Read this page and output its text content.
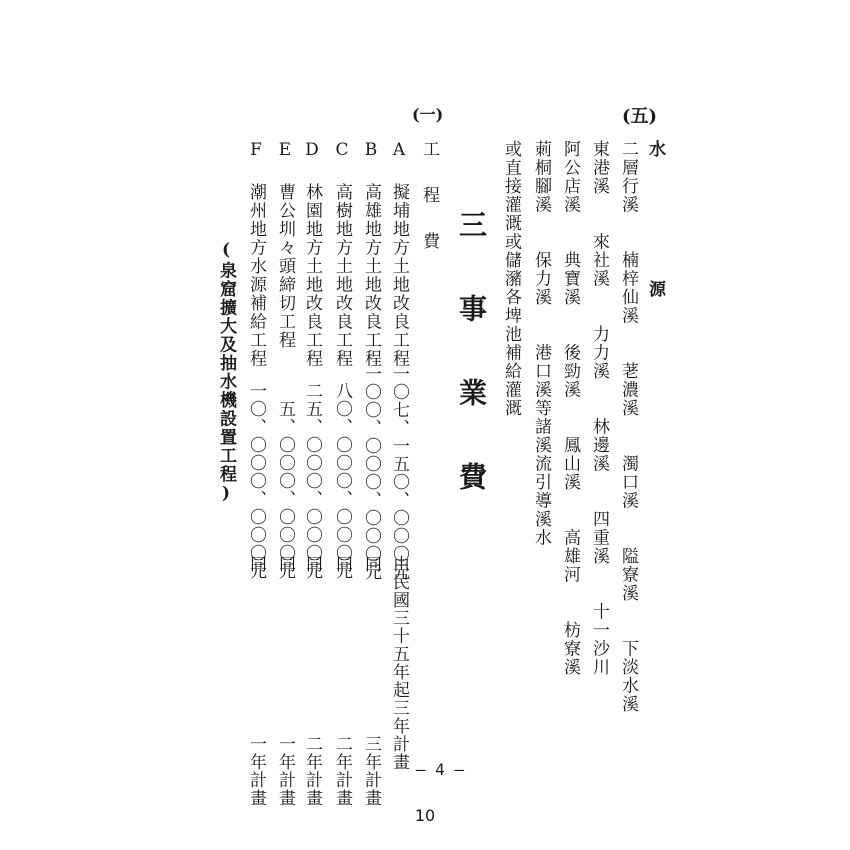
(五)
水　　　源
二層行溪　　楠梓仙溪　　荖濃溪　　濁口溪　　隘寮溪　　下淡水溪
東港溪　　來社溪　　力力溪　　林邊溪　　四重溪　　十一沙川
阿公店溪　　典寶溪　　後勁溪　　鳳山溪　　高雄河　　枋寮溪
莿桐腳溪　　保力溪　　港口溪等諸溪流引導溪水
或直接灌溉或儲瀦各埤池補給灌溉
三　事　業　費
(一)
工　程　費
A 擬埔地方土地改良工程
B 高雄地方土地改良工程
C 高樹地方土地改良工程
D 林園地方土地改良工程
E 曹公圳々頭締切工程
F 潮州地方水源補給工程
一〇七、一五〇、〇〇〇元
一〇〇、〇〇〇、〇〇〇元
八〇、〇〇〇、〇〇〇元
二五、〇〇〇、〇〇〇元
五、〇〇〇、〇〇〇元
一〇、〇〇〇、〇〇〇元
由民國三十五年起三年計畫
同　　　　　　　　　三年計畫
同　　　　　　　　　二年計畫
同　　　　　　　　　二年計畫
同　　　　　　　　　一年計畫
同　　　　　　　　　一年計畫
(泉窟擴大及抽水機設置工程)
— 4 —
10
